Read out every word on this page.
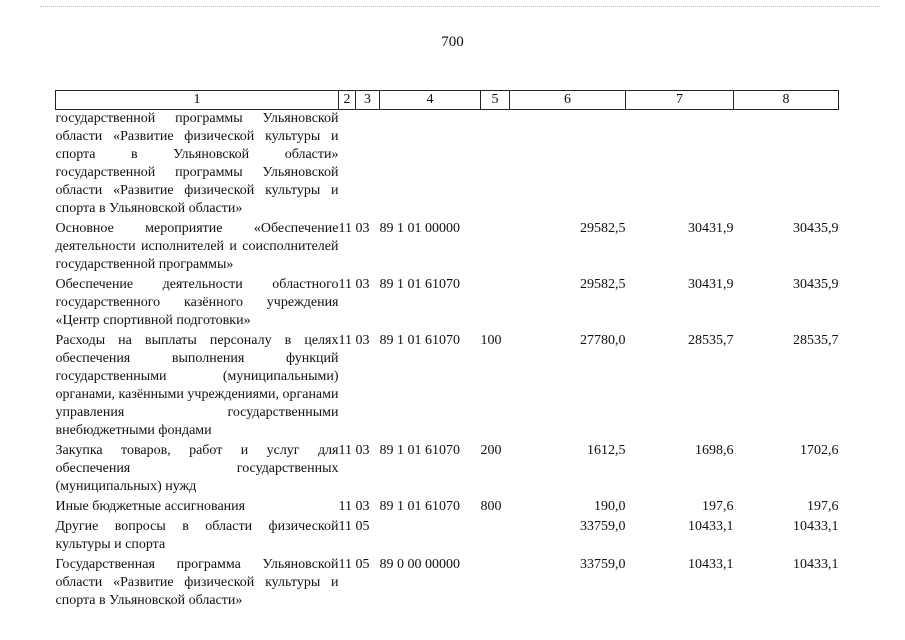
700
1	2	3	4	5	6	7	8
государственной программы Ульяновской области «Развитие физической культуры и спорта в Ульяновской области» государственной программы Ульяновской области «Развитие физической культуры и спорта в Ульяновской области»							
Основное мероприятие «Обеспечение деятельности исполнителей и соисполнителей государственной программы»	11	03	89 1 01 00000		29582,5	30431,9	30435,9
Обеспечение деятельности областного государственного казённого учреждения «Центр спортивной подготовки»	11	03	89 1 01 61070		29582,5	30431,9	30435,9
Расходы на выплаты персоналу в целях обеспечения выполнения функций государственными (муниципальными) органами, казёнными учреждениями, органами управления государственными внебюджетными фондами	11	03	89 1 01 61070	100	27780,0	28535,7	28535,7
Закупка товаров, работ и услуг для обеспечения государственных (муниципальных) нужд	11	03	89 1 01 61070	200	1612,5	1698,6	1702,6
Иные бюджетные ассигнования	11	03	89 1 01 61070	800	190,0	197,6	197,6
Другие вопросы в области физической культуры и спорта	11	05			33759,0	10433,1	10433,1
Государственная программа Ульяновской области «Развитие физической культуры и спорта в Ульяновской области»	11	05	89 0 00 00000		33759,0	10433,1	10433,1
